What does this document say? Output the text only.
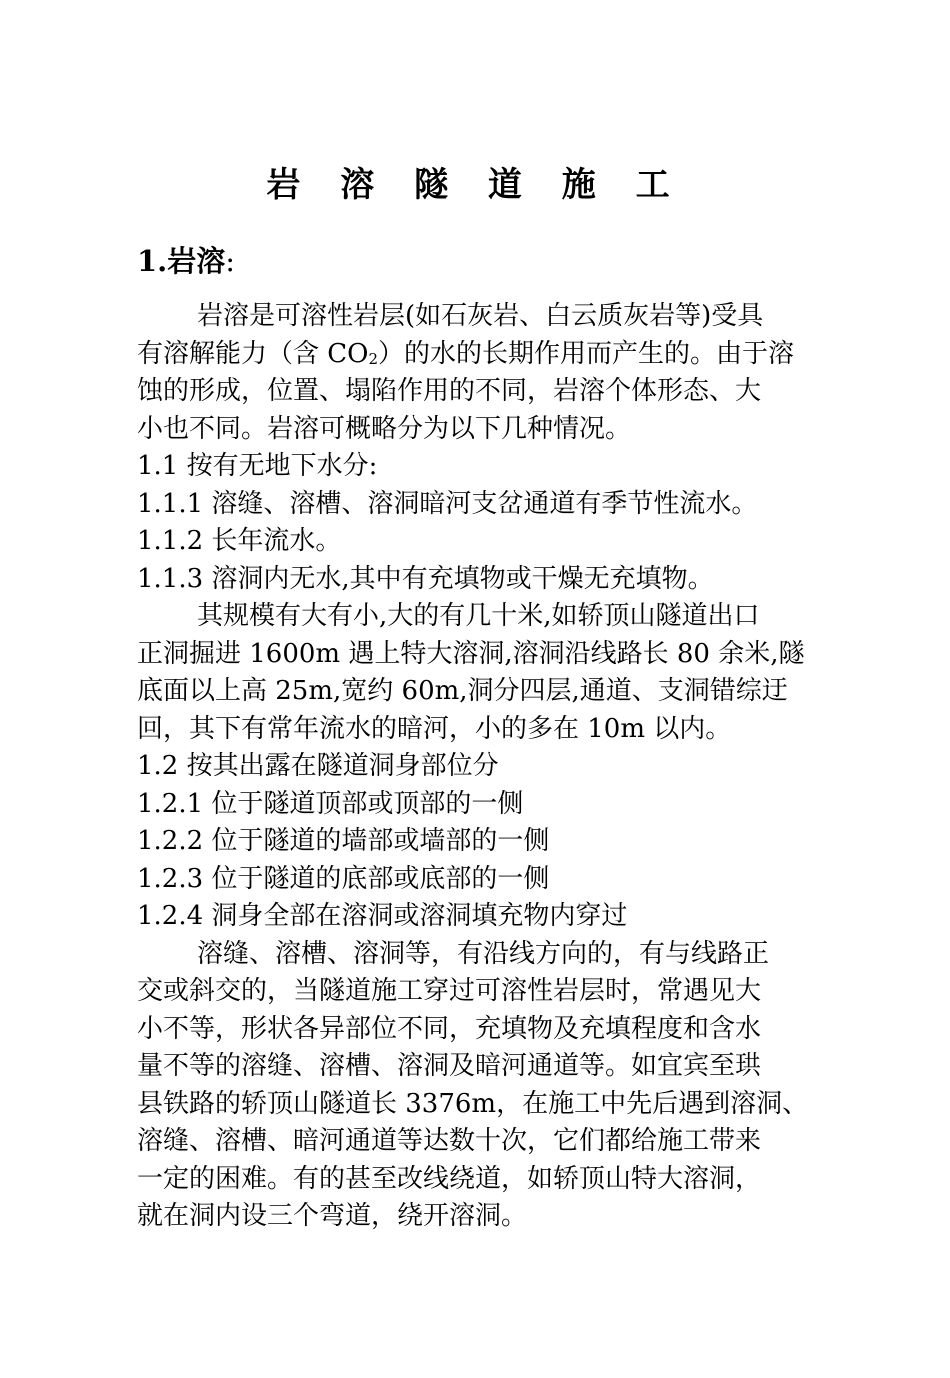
岩 溶 隧 道 施 工
1.岩溶:
岩溶是可溶性岩层(如石灰岩、白云质灰岩等)受具
有溶解能力（含 CO2）的水的长期作用而产生的。由于溶
蚀的形成，位置、塌陷作用的不同，岩溶个体形态、大
小也不同。岩溶可概略分为以下几种情况。
1.1 按有无地下水分:
1.1.1 溶缝、溶槽、溶洞暗河支岔通道有季节性流水。
1.1.2 长年流水。
1.1.3 溶洞内无水,其中有充填物或干燥无充填物。
其规模有大有小,大的有几十米,如轿顶山隧道出口
正洞掘进 1600m 遇上特大溶洞,溶洞沿线路长 80 余米,隧
底面以上高 25m,宽约 60m,洞分四层,通道、支洞错综迂
回，其下有常年流水的暗河，小的多在 10m 以内。
1.2 按其出露在隧道洞身部位分
1.2.1 位于隧道顶部或顶部的一侧
1.2.2 位于隧道的墙部或墙部的一侧
1.2.3 位于隧道的底部或底部的一侧
1.2.4 洞身全部在溶洞或溶洞填充物内穿过
溶缝、溶槽、溶洞等，有沿线方向的，有与线路正
交或斜交的，当隧道施工穿过可溶性岩层时，常遇见大
小不等，形状各异部位不同，充填物及充填程度和含水
量不等的溶缝、溶槽、溶洞及暗河通道等。如宜宾至珙
县铁路的轿顶山隧道长 3376m，在施工中先后遇到溶洞、
溶缝、溶槽、暗河通道等达数十次，它们都给施工带来
一定的困难。有的甚至改线绕道，如轿顶山特大溶洞，
就在洞内设三个弯道，绕开溶洞。
